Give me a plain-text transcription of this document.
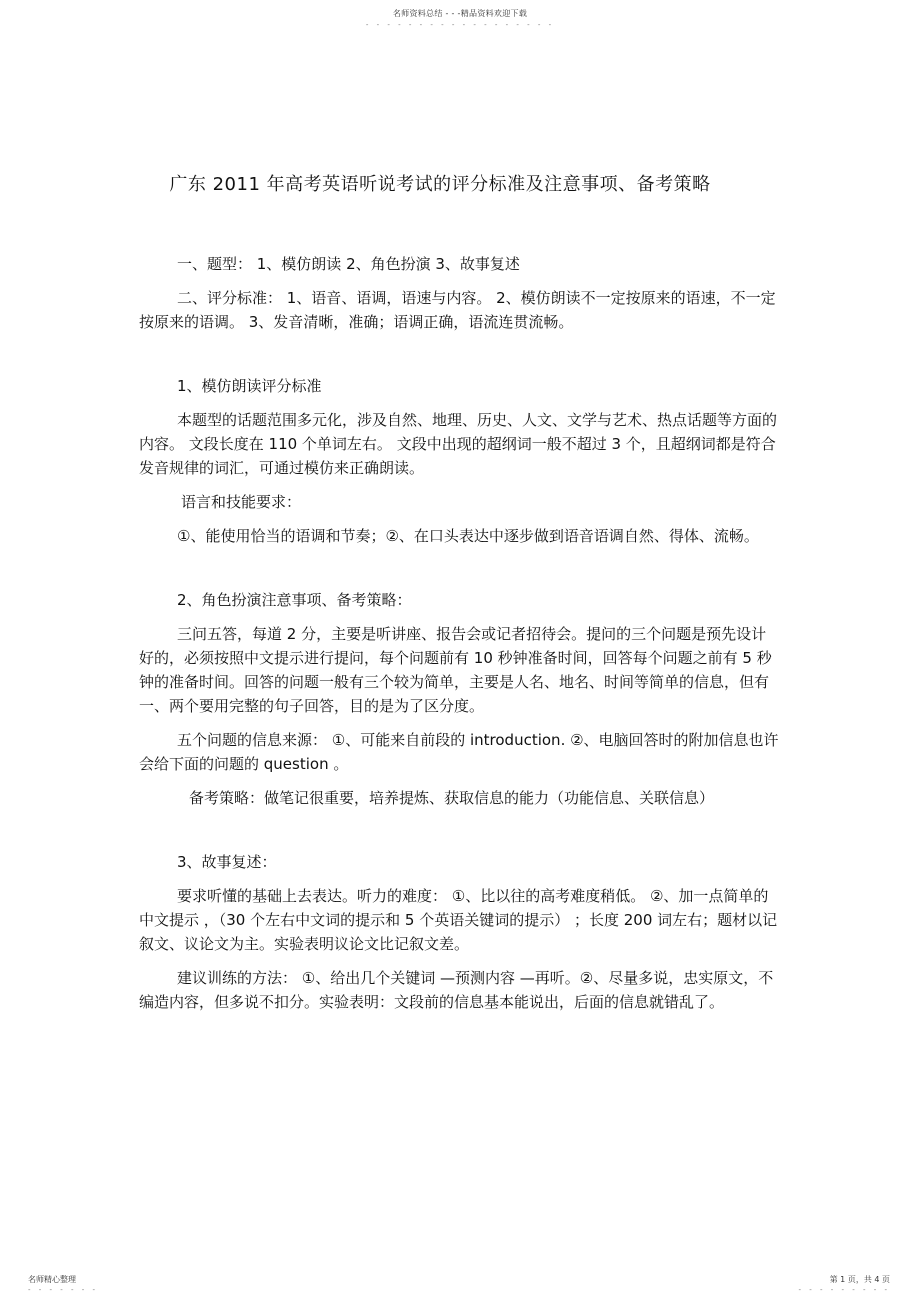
名师资料总结 - - -精品资料欢迎下载
- - - - - - - - - - - - - - - - - -
广东 2011 年高考英语听说考试的评分标准及注意事项、备考策略

一、题型： 1、模仿朗读 2、角色扮演 3、故事复述

二、评分标准： 1、语音、语调，语速与内容。 2、模仿朗读不一定按原来的语速，不一定按原来的语调。 3、发音清晰，准确；语调正确，语流连贯流畅。

1、模仿朗读评分标准

本题型的话题范围多元化，涉及自然、地理、历史、人文、文学与艺术、热点话题等方面的内容。 文段长度在 110 个单词左右。 文段中出现的超纲词一般不超过 3 个，且超纲词都是符合发音规律的词汇，可通过模仿来正确朗读。

语言和技能要求：

①、能使用恰当的语调和节奏；②、在口头表达中逐步做到语音语调自然、得体、流畅。

2、角色扮演注意事项、备考策略：

三问五答，每道 2 分，主要是听讲座、报告会或记者招待会。提问的三个问题是预先设计好的，必须按照中文提示进行提问，每个问题前有 10 秒钟准备时间，回答每个问题之前有 5 秒钟的准备时间。回答的问题一般有三个较为简单，主要是人名、地名、时间等简单的信息，但有一、两个要用完整的句子回答，目的是为了区分度。

五个问题的信息来源： ①、可能来自前段的 introduction. ②、电脑回答时的附加信息也许会给下面的问题的 question 。

备考策略：做笔记很重要，培养提炼、获取信息的能力（功能信息、关联信息）

3、故事复述：

要求听懂的基础上去表达。听力的难度： ①、比以往的高考难度稍低。 ②、加一点简单的中文提示 ，（30 个左右中文词的提示和 5 个英语关键词的提示） ；长度 200 词左右；题材以记叙文、议论文为主。实验表明议论文比记叙文差。

建议训练的方法： ①、给出几个关键词 —预测内容 —再听。②、尽量多说，忠实原文，不编造内容，但多说不扣分。实验表明：文段前的信息基本能说出，后面的信息就错乱了。

名师精心整理
- - - - - - -
第 1 页，共 4 页
- - - - - - - - -
